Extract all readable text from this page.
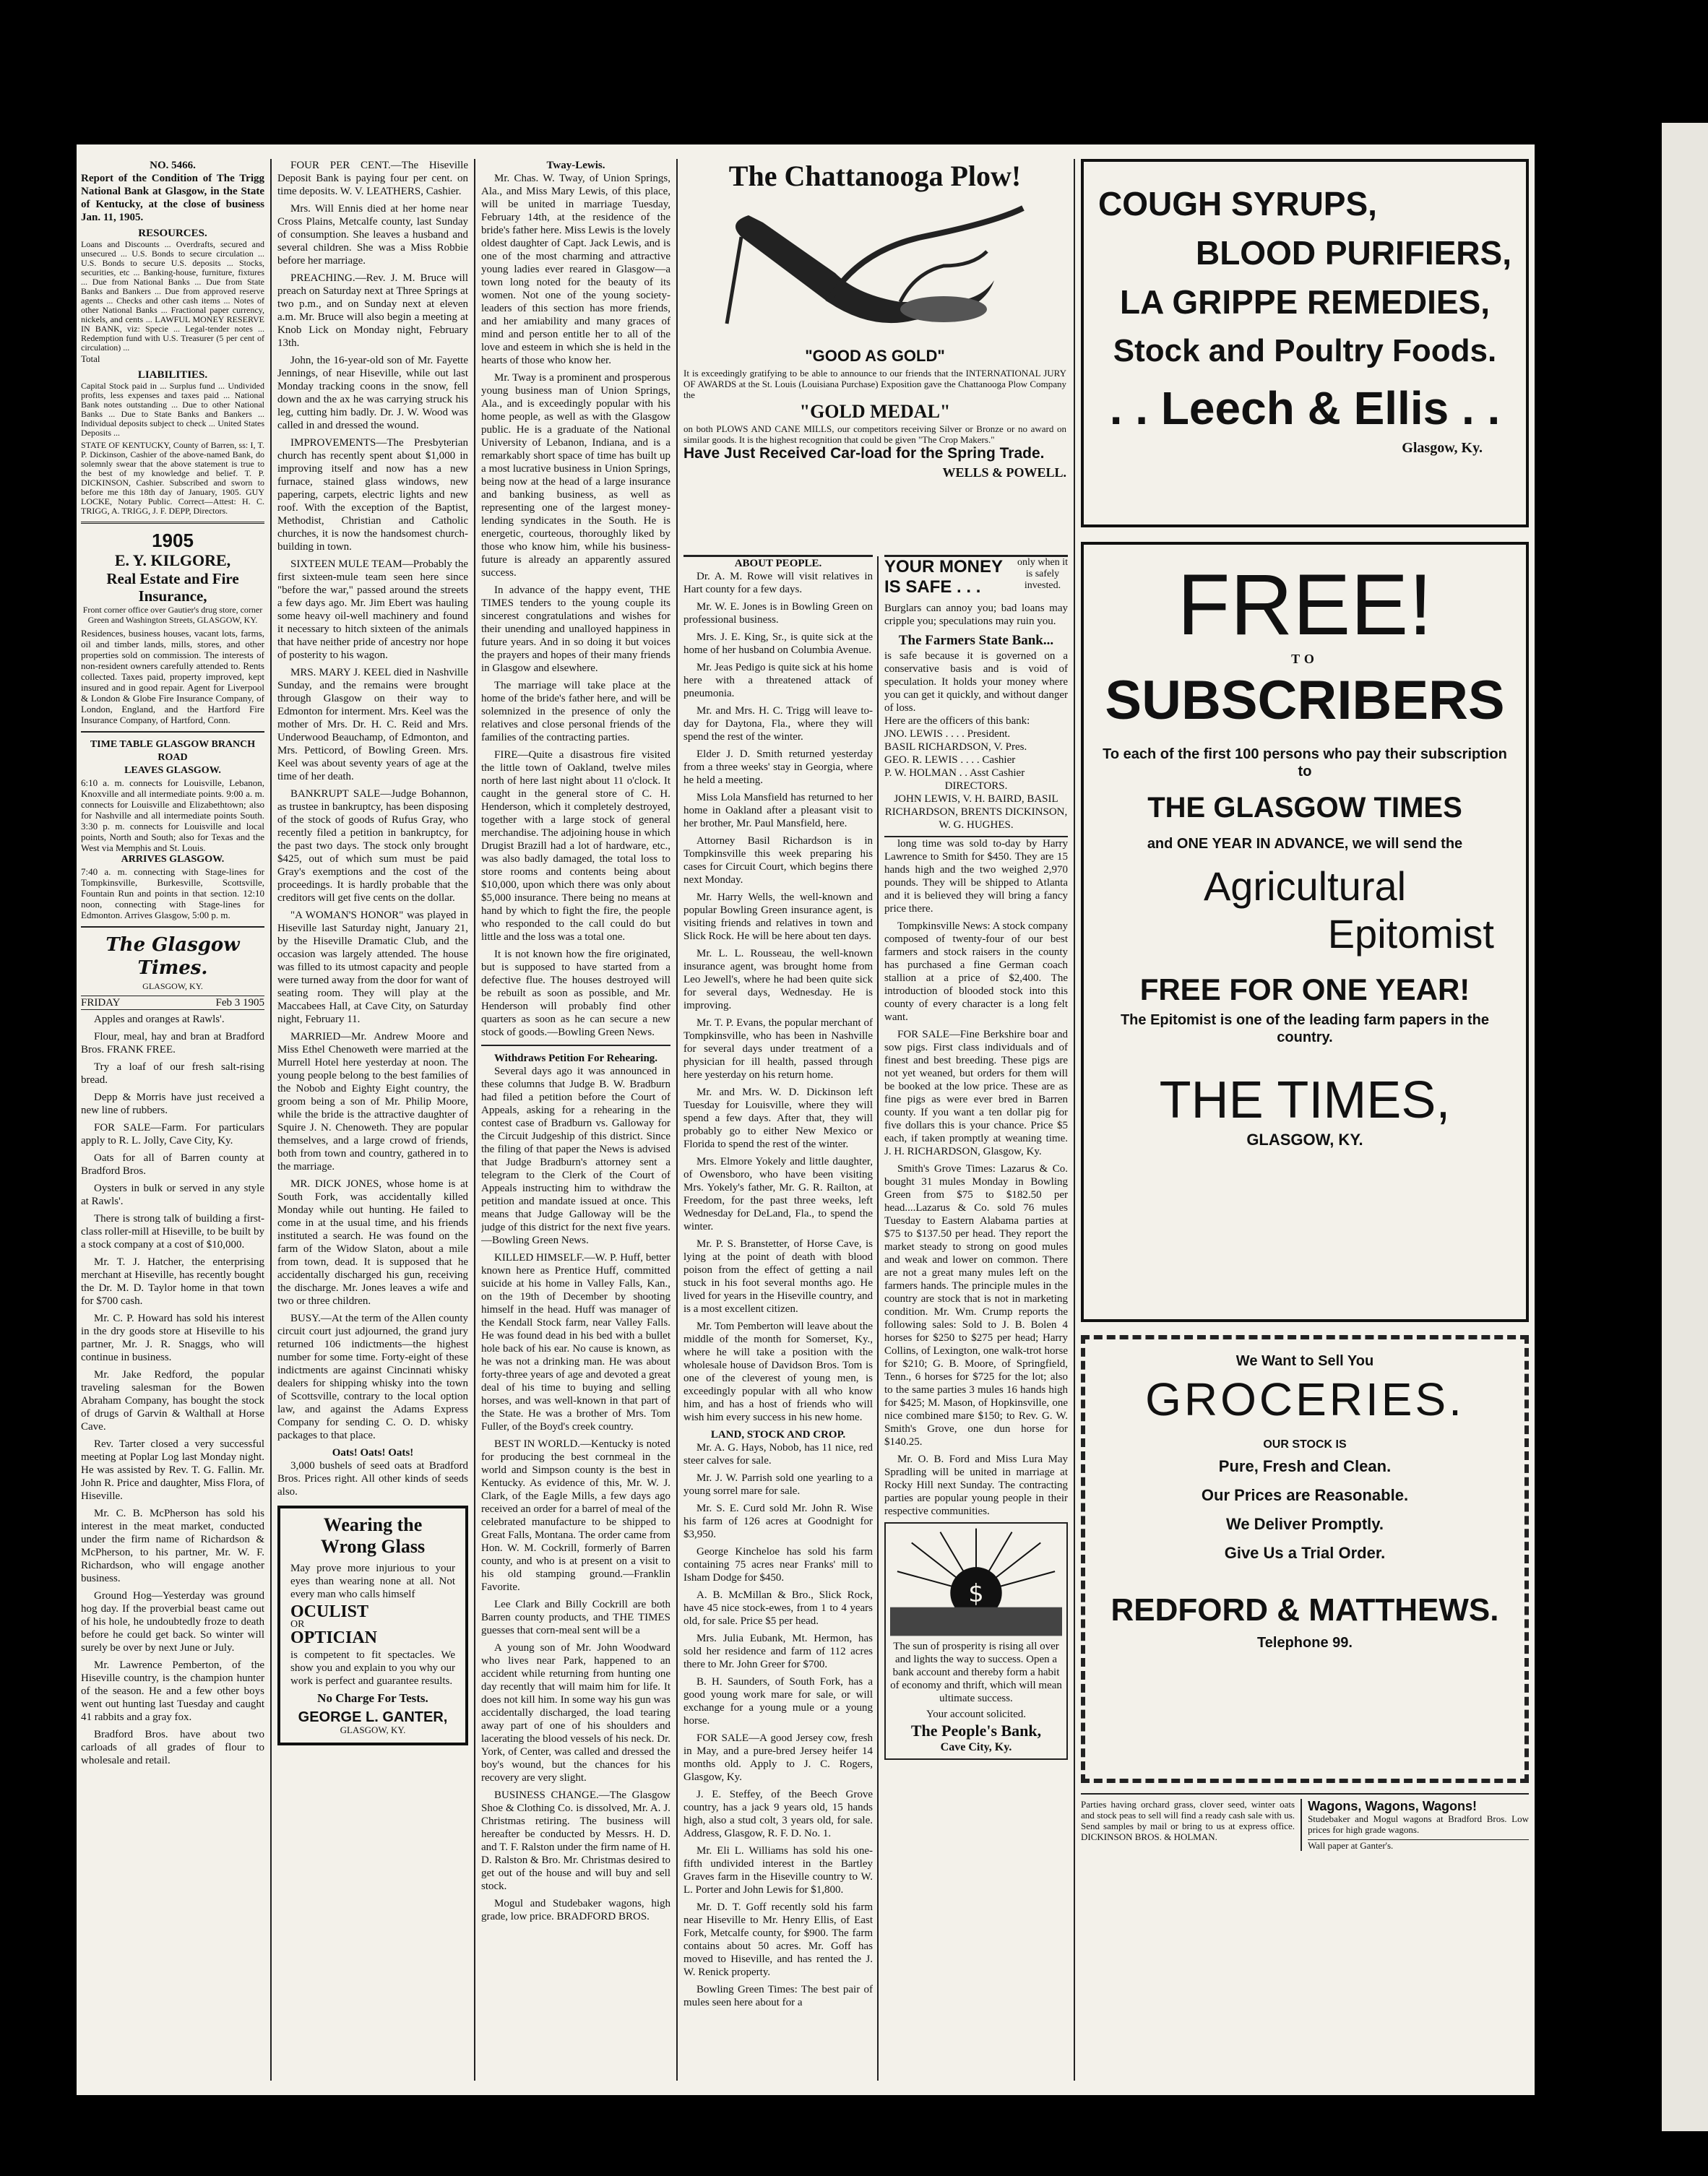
NO. 5466.
Report of the Condition of The Trigg National Bank at Glasgow, in the State of Kentucky, at the close of business Jan. 11, 1905.
RESOURCES.
Loans and Discounts ... Overdrafts, secured and unsecured ... U.S. Bonds to secure circulation ... U.S. Bonds to secure U.S. deposits ... Stocks, securities, etc ... Banking-house, furniture, fixtures ... Due from National Banks ... Due from State Banks and Bankers ... Due from approved reserve agents ... Checks and other cash items ... Notes of other National Banks ... Fractional paper currency, nickels, and cents ... LAWFUL MONEY RESERVE IN BANK, viz: Specie ... Legal-tender notes ... Redemption fund with U.S. Treasurer (5 per cent of circulation) ...
Total
LIABILITIES.
Capital Stock paid in ... Surplus fund ... Undivided profits, less expenses and taxes paid ... National Bank notes outstanding ... Due to other National Banks ... Due to State Banks and Bankers ... Individual deposits subject to check ... United States Deposits ...
STATE OF KENTUCKY, County of Barren, ss: I, T. P. Dickinson, Cashier of the above-named Bank, do solemnly swear that the above statement is true to the best of my knowledge and belief. T. P. DICKINSON, Cashier. Subscribed and sworn to before me this 18th day of January, 1905. GUY LOCKE, Notary Public. Correct—Attest: H. C. TRIGG, A. TRIGG, J. F. DEPP, Directors.
1905
E. Y. KILGORE,
Real Estate and Fire Insurance,
Front corner office over Gautier's drug store, corner Green and Washington Streets, GLASGOW, KY.
Residences, business houses, vacant lots, farms, oil and timber lands, mills, stores, and other properties sold on commission. The interests of non-resident owners carefully attended to. Rents collected. Taxes paid, property improved, kept insured and in good repair. Agent for Liverpool & London & Globe Fire Insurance Company, of London, England, and the Hartford Fire Insurance Company, of Hartford, Conn.
TIME TABLE GLASGOW BRANCH ROAD
LEAVES GLASGOW.
6:10 a. m. connects for Louisville, Lebanon, Knoxville and all intermediate points. 9:00 a. m. connects for Louisville and Elizabethtown; also for Nashville and all intermediate points South. 3:30 p. m. connects for Louisville and local points, North and South; also for Texas and the West via Memphis and St. Louis.
ARRIVES GLASGOW.
7:40 a. m. connecting with Stage-lines for Tompkinsville, Burkesville, Scottsville, Fountain Run and points in that section. 12:10 noon, connecting with Stage-lines for Edmonton. Arrives Glasgow, 5:00 p. m.
The Glasgow Times.
GLASGOW, KY.
FRIDAY	Feb 3 1905

Apples and oranges at Rawls'.

Flour, meal, hay and bran at Bradford Bros. FRANK FREE.

Try a loaf of our fresh salt-rising bread.

Depp & Morris have just received a new line of rubbers.

FOR SALE—Farm. For particulars apply to R. L. Jolly, Cave City, Ky.

Oats for all of Barren county at Bradford Bros.

Oysters in bulk or served in any style at Rawls'.

There is strong talk of building a first-class roller-mill at Hiseville, to be built by a stock company at a cost of $10,000.

Mr. T. J. Hatcher, the enterprising merchant at Hiseville, has recently bought the Dr. M. D. Taylor home in that town for $700 cash.

Mr. C. P. Howard has sold his interest in the dry goods store at Hiseville to his partner, Mr. J. R. Snaggs, who will continue in business.

Mr. Jake Redford, the popular traveling salesman for the Bowen Abraham Company, has bought the stock of drugs of Garvin & Walthall at Horse Cave.

Rev. Tarter closed a very successful meeting at Poplar Log last Monday night. He was assisted by Rev. T. G. Fallin. Mr. John R. Price and daughter, Miss Flora, of Hiseville.

Mr. C. B. McPherson has sold his interest in the meat market, conducted under the firm name of Richardson & McPherson, to his partner, Mr. W. F. Richardson, who will engage another business.

Ground Hog—Yesterday was ground hog day. If the proverbial beast came out of his hole, he undoubtedly froze to death before he could get back. So winter will surely be over by next June or July.

Mr. Lawrence Pemberton, of the Hiseville country, is the champion hunter of the season. He and a few other boys went out hunting last Tuesday and caught 41 rabbits and a gray fox.

Bradford Bros. have about two carloads of all grades of flour to wholesale and retail.

FOUR PER CENT.—The Hiseville Deposit Bank is paying four per cent. on time deposits. W. V. LEATHERS, Cashier.

Mrs. Will Ennis died at her home near Cross Plains, Metcalfe county, last Sunday of consumption. She leaves a husband and several children. She was a Miss Robbie before her marriage.

PREACHING.—Rev. J. M. Bruce will preach on Saturday next at Three Springs at two p.m., and on Sunday next at eleven a.m. Mr. Bruce will also begin a meeting at Knob Lick on Monday night, February 13th.

John, the 16-year-old son of Mr. Fayette Jennings, of near Hiseville, while out last Monday tracking coons in the snow, fell down and the ax he was carrying struck his leg, cutting him badly. Dr. J. W. Wood was called in and dressed the wound.

IMPROVEMENTS—The Presbyterian church has recently spent about $1,000 in improving itself and now has a new furnace, stained glass windows, new papering, carpets, electric lights and new roof. With the exception of the Baptist, Methodist, Christian and Catholic churches, it is now the handsomest church-building in town.

SIXTEEN MULE TEAM—Probably the first sixteen-mule team seen here since "before the war," passed around the streets a few days ago. Mr. Jim Ebert was hauling some heavy oil-well machinery and found it necessary to hitch sixteen of the animals that have neither pride of ancestry nor hope of posterity to his wagon.

MRS. MARY J. KEEL died in Nashville Sunday, and the remains were brought through Glasgow on their way to Edmonton for interment. Mrs. Keel was the mother of Mrs. Dr. H. C. Reid and Mrs. Underwood Beauchamp, of Edmonton, and Mrs. Petticord, of Bowling Green. Mrs. Keel was about seventy years of age at the time of her death.

BANKRUPT SALE—Judge Bohannon, as trustee in bankruptcy, has been disposing of the stock of goods of Rufus Gray, who recently filed a petition in bankruptcy, for the past two days. The stock only brought $425, out of which sum must be paid Gray's exemptions and the cost of the proceedings. It is hardly probable that the creditors will get five cents on the dollar.

"A WOMAN'S HONOR" was played in Hiseville last Saturday night, January 21, by the Hiseville Dramatic Club, and the occasion was largely attended. The house was filled to its utmost capacity and people were turned away from the door for want of seating room. They will play at the Maccabees Hall, at Cave City, on Saturday night, February 11.

MARRIED—Mr. Andrew Moore and Miss Ethel Chenoweth were married at the Murrell Hotel here yesterday at noon. The young people belong to the best families of the Nobob and Eighty Eight country, the groom being a son of Mr. Philip Moore, while the bride is the attractive daughter of Squire J. N. Chenoweth. They are popular themselves, and a large crowd of friends, both from town and country, gathered in to the marriage.

MR. DICK JONES, whose home is at South Fork, was accidentally killed Monday while out hunting. He failed to come in at the usual time, and his friends instituted a search. He was found on the farm of the Widow Slaton, about a mile from town, dead. It is supposed that he accidentally discharged his gun, receiving the discharge. Mr. Jones leaves a wife and two or three children.

BUSY.—At the term of the Allen county circuit court just adjourned, the grand jury returned 106 indictments—the highest number for some time. Forty-eight of these indictments are against Cincinnati whisky dealers for shipping whisky into the town of Scottsville, contrary to the local option law, and against the Adams Express Company for sending C. O. D. whisky packages to that place.

Oats! Oats! Oats!

3,000 bushels of seed oats at Bradford Bros. Prices right. All other kinds of seeds also.

Wearing the
Wrong Glass
May prove more injurious to your eyes than wearing none at all. Not every man who calls himself
OCULIST
OR
OPTICIAN
is competent to fit spectacles. We show you and explain to you why our work is perfect and guarantee results.
No Charge For Tests.
GEORGE L. GANTER,
GLASGOW, KY.
Tway-Lewis.

Mr. Chas. W. Tway, of Union Springs, Ala., and Miss Mary Lewis, of this place, will be united in marriage Tuesday, February 14th, at the residence of the bride's father here. Miss Lewis is the lovely oldest daughter of Capt. Jack Lewis, and is one of the most charming and attractive young ladies ever reared in Glasgow—a town long noted for the beauty of its women. Not one of the young society-leaders of this section has more friends, and her amiability and many graces of mind and person entitle her to all of the love and esteem in which she is held in the hearts of those who know her.

Mr. Tway is a prominent and prosperous young business man of Union Springs, Ala., and is exceedingly popular with his home people, as well as with the Glasgow public. He is a graduate of the National University of Lebanon, Indiana, and is a remarkably short space of time has built up a most lucrative business in Union Springs, being now at the head of a large insurance and banking business, as well as representing one of the largest money-lending syndicates in the South. He is energetic, courteous, thoroughly liked by those who know him, while his business-future is already an apparently assured success.

In advance of the happy event, THE TIMES tenders to the young couple its sincerest congratulations and wishes for their unending and unalloyed happiness in future years. And in so doing it but voices the prayers and hopes of their many friends in Glasgow and elsewhere.

The marriage will take place at the home of the bride's father here, and will be solemnized in the presence of only the relatives and close personal friends of the families of the contracting parties.

FIRE—Quite a disastrous fire visited the little town of Oakland, twelve miles north of here last night about 11 o'clock. It caught in the general store of C. H. Henderson, which it completely destroyed, together with a large stock of general merchandise. The adjoining house in which Drugist Brazill had a lot of hardware, etc., was also badly damaged, the total loss to store rooms and contents being about $10,000, upon which there was only about $5,000 insurance. There being no means at hand by which to fight the fire, the people who responded to the call could do but little and the loss was a total one.

It is not known how the fire originated, but is supposed to have started from a defective flue. The houses destroyed will be rebuilt as soon as possible, and Mr. Henderson will probably find other quarters as soon as he can secure a new stock of goods.—Bowling Green News.

Withdraws Petition For Rehearing.

Several days ago it was announced in these columns that Judge B. W. Bradburn had filed a petition before the Court of Appeals, asking for a rehearing in the contest case of Bradburn vs. Galloway for the Circuit Judgeship of this district. Since the filing of that paper the News is advised that Judge Bradburn's attorney sent a telegram to the Clerk of the Court of Appeals instructing him to withdraw the petition and mandate issued at once. This means that Judge Galloway will be the judge of this district for the next five years.—Bowling Green News.

KILLED HIMSELF.—W. P. Huff, better known here as Prentice Huff, committed suicide at his home in Valley Falls, Kan., on the 19th of December by shooting himself in the head. Huff was manager of the Kendall Stock farm, near Valley Falls. He was found dead in his bed with a bullet hole back of his ear. No cause is known, as he was not a drinking man. He was about forty-three years of age and devoted a great deal of his time to buying and selling horses, and was well-known in that part of the State. He was a brother of Mrs. Tom Fuller, of the Boyd's creek country.

BEST IN WORLD.—Kentucky is noted for producing the best cornmeal in the world and Simpson county is the best in Kentucky. As evidence of this, Mr. W. J. Clark, of the Eagle Mills, a few days ago received an order for a barrel of meal of the celebrated manufacture to be shipped to Great Falls, Montana. The order came from Hon. W. M. Cockrill, formerly of Barren county, and who is at present on a visit to his old stamping ground.—Franklin Favorite.

Lee Clark and Billy Cockrill are both Barren county products, and THE TIMES guesses that corn-meal sent will be a

A young son of Mr. John Woodward who lives near Park, happened to an accident while returning from hunting one day recently that will maim him for life. It does not kill him. In some way his gun was accidentally discharged, the load tearing away part of one of his shoulders and lacerating the blood vessels of his neck. Dr. York, of Center, was called and dressed the boy's wound, but the chances for his recovery are very slight.

BUSINESS CHANGE.—The Glasgow Shoe & Clothing Co. is dissolved, Mr. A. J. Christmas retiring. The business will hereafter be conducted by Messrs. H. D. and T. F. Ralston under the firm name of H. D. Ralston & Bro. Mr. Christmas desired to get out of the house and will buy and sell stock.

Mogul and Studebaker wagons, high grade, low price. BRADFORD BROS.

The Chattanooga Plow!
"GOOD AS GOLD"
It is exceedingly gratifying to be able to announce to our friends that the INTERNATIONAL JURY OF AWARDS at the St. Louis (Louisiana Purchase) Exposition gave the Chattanooga Plow Company the
"GOLD MEDAL"
on both PLOWS AND CANE MILLS, our competitors receiving Silver or Bronze or no award on similar goods. It is the highest recognition that could be given "The Crop Makers."
Have Just Received Car-load for the Spring Trade.
WELLS & POWELL.
ABOUT PEOPLE.

Dr. A. M. Rowe will visit relatives in Hart county for a few days.

Mr. W. E. Jones is in Bowling Green on professional business.

Mrs. J. E. King, Sr., is quite sick at the home of her husband on Columbia Avenue.

Mr. Jeas Pedigo is quite sick at his home here with a threatened attack of pneumonia.

Mr. and Mrs. H. C. Trigg will leave to-day for Daytona, Fla., where they will spend the rest of the winter.

Elder J. D. Smith returned yesterday from a three weeks' stay in Georgia, where he held a meeting.

Miss Lola Mansfield has returned to her home in Oakland after a pleasant visit to her brother, Mr. Paul Mansfield, here.

Attorney Basil Richardson is in Tompkinsville this week preparing his cases for Circuit Court, which begins there next Monday.

Mr. Harry Wells, the well-known and popular Bowling Green insurance agent, is visiting friends and relatives in town and Slick Rock. He will be here about ten days.

Mr. L. L. Rousseau, the well-known insurance agent, was brought home from Leo Jewell's, where he had been quite sick for several days, Wednesday. He is improving.

Mr. T. P. Evans, the popular merchant of Tompkinsville, who has been in Nashville for several days under treatment of a physician for ill health, passed through here yesterday on his return home.

Mr. and Mrs. W. D. Dickinson left Tuesday for Louisville, where they will spend a few days. After that, they will probably go to either New Mexico or Florida to spend the rest of the winter.

Mrs. Elmore Yokely and little daughter, of Owensboro, who have been visiting Mrs. Yokely's father, Mr. G. R. Railton, at Freedom, for the past three weeks, left Wednesday for DeLand, Fla., to spend the winter.

Mr. P. S. Branstetter, of Horse Cave, is lying at the point of death with blood poison from the effect of getting a nail stuck in his foot several months ago. He lived for years in the Hiseville country, and is a most excellent citizen.

Mr. Tom Pemberton will leave about the middle of the month for Somerset, Ky., where he will take a position with the wholesale house of Davidson Bros. Tom is one of the cleverest of young men, is exceedingly popular with all who know him, and has a host of friends who will wish him every success in his new home.

LAND, STOCK AND CROP.

Mr. A. G. Hays, Nobob, has 11 nice, red steer calves for sale.

Mr. J. W. Parrish sold one yearling to a young sorrel mare for sale.

Mr. S. E. Curd sold Mr. John R. Wise his farm of 126 acres at Goodnight for $3,950.

George Kincheloe has sold his farm containing 75 acres near Franks' mill to Isham Dodge for $450.

A. B. McMillan & Bro., Slick Rock, have 45 nice stock-ewes, from 1 to 4 years old, for sale. Price $5 per head.

Mrs. Julia Eubank, Mt. Hermon, has sold her residence and farm of 112 acres there to Mr. John Greer for $700.

B. H. Saunders, of South Fork, has a good young work mare for sale, or will exchange for a young mule or a young horse.

FOR SALE—A good Jersey cow, fresh in May, and a pure-bred Jersey heifer 14 months old. Apply to J. C. Rogers, Glasgow, Ky.

J. E. Steffey, of the Beech Grove country, has a jack 9 years old, 15 hands high, also a stud colt, 3 years old, for sale. Address, Glasgow, R. F. D. No. 1.

Mr. Eli L. Williams has sold his one-fifth undivided interest in the Bartley Graves farm in the Hiseville country to W. L. Porter and John Lewis for $1,800.

Mr. D. T. Goff recently sold his farm near Hiseville to Mr. Henry Ellis, of East Fork, Metcalfe county, for $900. The farm contains about 50 acres. Mr. Goff has moved to Hiseville, and has rented the J. W. Renick property.

Bowling Green Times: The best pair of mules seen here about for a

YOUR MONEY
IS SAFE . . .
only when it is safely invested.
Burglars can annoy you; bad loans may cripple you; speculations may ruin you.
The Farmers State Bank...
is safe because it is governed on a conservative basis and is void of speculation. It holds your money where you can get it quickly, and without danger of loss.
Here are the officers of this bank:
JNO. LEWIS . . . . President.
BASIL RICHARDSON, V. Pres.
GEO. R. LEWIS . . . . Cashier
P. W. HOLMAN . . Asst Cashier
DIRECTORS.
JOHN LEWIS, V. H. BAIRD, BASIL RICHARDSON, BRENTS DICKINSON, W. G. HUGHES.

long time was sold to-day by Harry Lawrence to Smith for $450. They are 15 hands high and the two weighed 2,970 pounds. They will be shipped to Atlanta and it is believed they will bring a fancy price there.

Tompkinsville News: A stock company composed of twenty-four of our best farmers and stock raisers in the county has purchased a fine German coach stallion at a price of $2,400. The introduction of blooded stock into this county of every character is a long felt want.

FOR SALE—Fine Berkshire boar and sow pigs. First class individuals and of finest and best breeding. These pigs are not yet weaned, but orders for them will be booked at the low price. These are as fine pigs as were ever bred in Barren county. If you want a ten dollar pig for five dollars this is your chance. Price $5 each, if taken promptly at weaning time. J. H. RICHARDSON, Glasgow, Ky.

Smith's Grove Times: Lazarus & Co. bought 31 mules Monday in Bowling Green from $75 to $182.50 per head....Lazarus & Co. sold 76 mules Tuesday to Eastern Alabama parties at $75 to $137.50 per head. They report the market steady to strong on good mules and weak and lower on common. There are not a great many mules left on the farmers hands. The principle mules in the country are stock that is not in marketing condition. Mr. Wm. Crump reports the following sales: Sold to J. B. Bolen 4 horses for $250 to $275 per head; Harry Collins, of Lexington, one walk-trot horse for $210; G. B. Moore, of Springfield, Tenn., 6 horses for $725 for the lot; also to the same parties 3 mules 16 hands high for $425; M. Mason, of Hopkinsville, one nice combined mare $150; to Rev. G. W. Smith's Grove, one dun horse for $140.25.

Mr. O. B. Ford and Miss Lura May Spradling will be united in marriage at Rocky Hill next Sunday. The contracting parties are popular young people in their respective communities.

$
The sun of prosperity is rising all over and lights the way to success. Open a bank account and thereby form a habit of economy and thrift, which will mean ultimate success.
Your account solicited.
The People's Bank,
Cave City, Ky.
COUGH SYRUPS,
BLOOD PURIFIERS,
LA GRIPPE REMEDIES,
Stock and Poultry Foods.
. . Leech & Ellis . .
Glasgow, Ky.
FREE!
TO
SUBSCRIBERS
To each of the first 100 persons who pay their subscription to
THE GLASGOW TIMES
and ONE YEAR IN ADVANCE, we will send the
Agricultural
Epitomist
FREE FOR ONE YEAR!
The Epitomist is one of the leading farm papers in the country.
THE TIMES,
GLASGOW, KY.
We Want to Sell You
GROCERIES.
OUR STOCK IS
Pure, Fresh and Clean.
Our Prices are Reasonable.
We Deliver Promptly.
Give Us a Trial Order.
REDFORD & MATTHEWS.
Telephone 99.
Parties having orchard grass, clover seed, winter oats and stock peas to sell will find a ready cash sale with us. Send samples by mail or bring to us at express office. DICKINSON BROS. & HOLMAN.
Wagons, Wagons, Wagons!
Studebaker and Mogul wagons at Bradford Bros. Low prices for high grade wagons.
Wall paper at Ganter's.
